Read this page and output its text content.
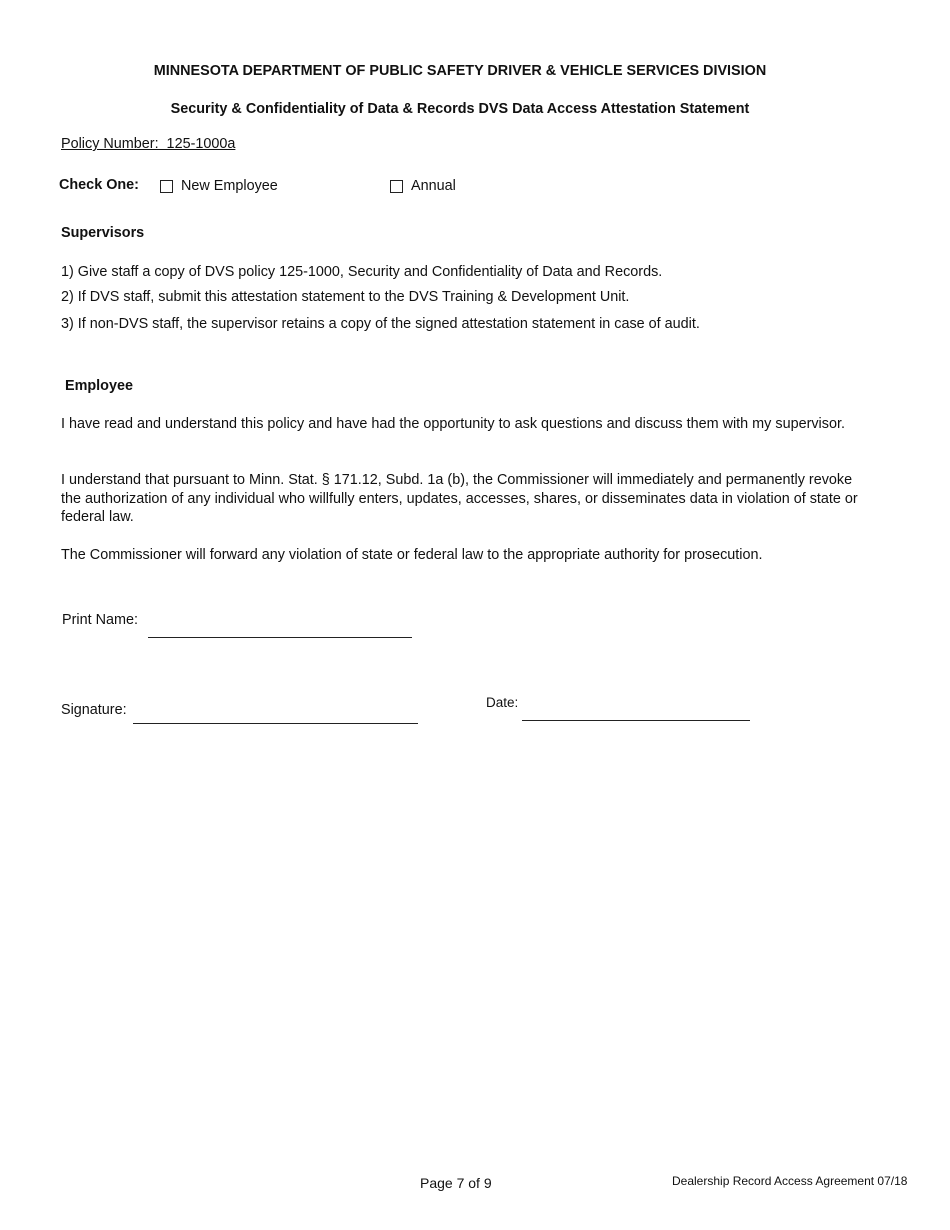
MINNESOTA DEPARTMENT OF PUBLIC SAFETY DRIVER & VEHICLE SERVICES DIVISION
Security & Confidentiality of Data & Records DVS Data Access Attestation Statement
Policy Number:  125-1000a
Check One:	New Employee	Annual
Supervisors
1) Give staff a copy of DVS policy 125-1000, Security and Confidentiality of Data and Records.
2) If DVS staff, submit this attestation statement to the DVS Training & Development Unit.
3) If non-DVS staff, the supervisor retains a copy of the signed attestation statement in case of audit.
Employee
I have read and understand this policy and have had the opportunity to ask questions and discuss them with my supervisor.
I understand that pursuant to Minn. Stat. § 171.12, Subd. 1a (b), the Commissioner will immediately and permanently revoke the authorization of any individual who willfully enters, updates, accesses, shares, or disseminates data in violation of state or federal law.
The Commissioner will forward any violation of state or federal law to the appropriate authority for prosecution.
Print Name:
Signature:	Date:
Page 7 of 9	Dealership Record Access Agreement 07/18
